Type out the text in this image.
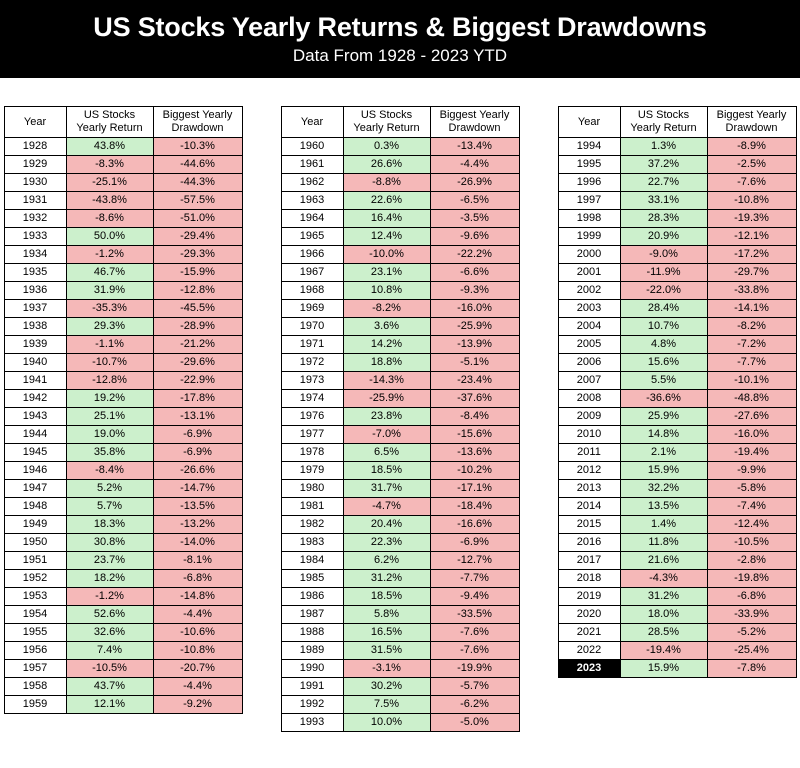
US Stocks Yearly Returns & Biggest Drawdowns
Data From 1928 - 2023 YTD
Year	US Stocks Yearly Return	Biggest Yearly Drawdown
1928	43.8%	-10.3%
1929	-8.3%	-44.6%
1930	-25.1%	-44.3%
1931	-43.8%	-57.5%
1932	-8.6%	-51.0%
1933	50.0%	-29.4%
1934	-1.2%	-29.3%
1935	46.7%	-15.9%
1936	31.9%	-12.8%
1937	-35.3%	-45.5%
1938	29.3%	-28.9%
1939	-1.1%	-21.2%
1940	-10.7%	-29.6%
1941	-12.8%	-22.9%
1942	19.2%	-17.8%
1943	25.1%	-13.1%
1944	19.0%	-6.9%
1945	35.8%	-6.9%
1946	-8.4%	-26.6%
1947	5.2%	-14.7%
1948	5.7%	-13.5%
1949	18.3%	-13.2%
1950	30.8%	-14.0%
1951	23.7%	-8.1%
1952	18.2%	-6.8%
1953	-1.2%	-14.8%
1954	52.6%	-4.4%
1955	32.6%	-10.6%
1956	7.4%	-10.8%
1957	-10.5%	-20.7%
1958	43.7%	-4.4%
1959	12.1%	-9.2%
Year	US Stocks Yearly Return	Biggest Yearly Drawdown
1960	0.3%	-13.4%
1961	26.6%	-4.4%
1962	-8.8%	-26.9%
1963	22.6%	-6.5%
1964	16.4%	-3.5%
1965	12.4%	-9.6%
1966	-10.0%	-22.2%
1967	23.1%	-6.6%
1968	10.8%	-9.3%
1969	-8.2%	-16.0%
1970	3.6%	-25.9%
1971	14.2%	-13.9%
1972	18.8%	-5.1%
1973	-14.3%	-23.4%
1974	-25.9%	-37.6%
1976	23.8%	-8.4%
1977	-7.0%	-15.6%
1978	6.5%	-13.6%
1979	18.5%	-10.2%
1980	31.7%	-17.1%
1981	-4.7%	-18.4%
1982	20.4%	-16.6%
1983	22.3%	-6.9%
1984	6.2%	-12.7%
1985	31.2%	-7.7%
1986	18.5%	-9.4%
1987	5.8%	-33.5%
1988	16.5%	-7.6%
1989	31.5%	-7.6%
1990	-3.1%	-19.9%
1991	30.2%	-5.7%
1992	7.5%	-6.2%
1993	10.0%	-5.0%
Year	US Stocks Yearly Return	Biggest Yearly Drawdown
1994	1.3%	-8.9%
1995	37.2%	-2.5%
1996	22.7%	-7.6%
1997	33.1%	-10.8%
1998	28.3%	-19.3%
1999	20.9%	-12.1%
2000	-9.0%	-17.2%
2001	-11.9%	-29.7%
2002	-22.0%	-33.8%
2003	28.4%	-14.1%
2004	10.7%	-8.2%
2005	4.8%	-7.2%
2006	15.6%	-7.7%
2007	5.5%	-10.1%
2008	-36.6%	-48.8%
2009	25.9%	-27.6%
2010	14.8%	-16.0%
2011	2.1%	-19.4%
2012	15.9%	-9.9%
2013	32.2%	-5.8%
2014	13.5%	-7.4%
2015	1.4%	-12.4%
2016	11.8%	-10.5%
2017	21.6%	-2.8%
2018	-4.3%	-19.8%
2019	31.2%	-6.8%
2020	18.0%	-33.9%
2021	28.5%	-5.2%
2022	-19.4%	-25.4%
2023	15.9%	-7.8%
